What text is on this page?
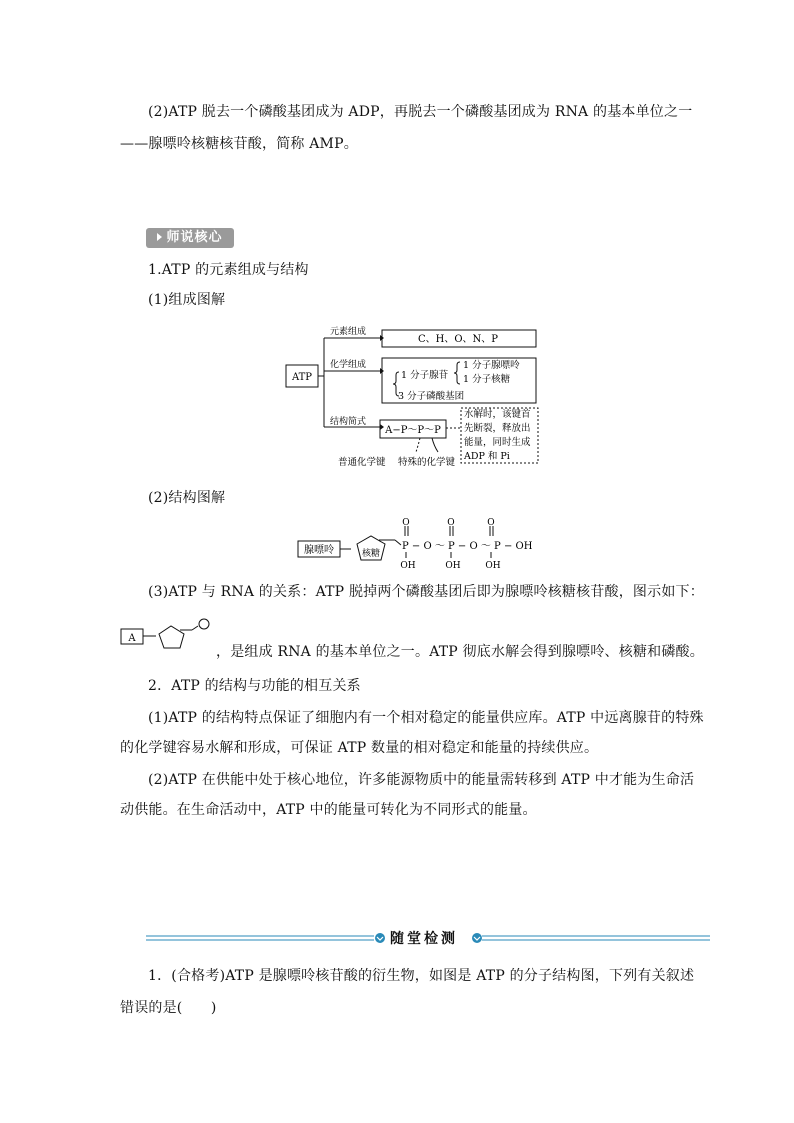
(2)ATP 脱去一个磷酸基团成为 ADP，再脱去一个磷酸基团成为 RNA 的基本单位之一
——腺嘌呤核糖核苷酸，简称 AMP。
师说核心
1.ATP 的元素组成与结构
(1)组成图解
ATP
元素组成
C、H、O、N、P
化学组成
1 分子腺苷
1 分子腺嘌呤
1 分子核糖
3 分子磷酸基团
结构简式
A−P～P～P
水解时，该键首
先断裂，释放出
能量，同时生成
ADP 和 Pi
普通化学键 特殊的化学键
(2)结构图解
腺嘌呤	核糖
P − O ～ P − O ～ P − OH
O	O	O
OH	OH	OH
(3)ATP 与 RNA 的关系：ATP 脱掉两个磷酸基团后即为腺嘌呤核糖核苷酸，图示如下：
A
，是组成 RNA 的基本单位之一。ATP 彻底水解会得到腺嘌呤、核糖和磷酸。
2．ATP 的结构与功能的相互关系
(1)ATP 的结构特点保证了细胞内有一个相对稳定的能量供应库。ATP 中远离腺苷的特殊
的化学键容易水解和形成，可保证 ATP 数量的相对稳定和能量的持续供应。
(2)ATP 在供能中处于核心地位，许多能源物质中的能量需转移到 ATP 中才能为生命活
动供能。在生命活动中，ATP 中的能量可转化为不同形式的能量。
随堂检测
1．(合格考)ATP 是腺嘌呤核苷酸的衍生物，如图是 ATP 的分子结构图，下列有关叙述
错误的是(　　)
